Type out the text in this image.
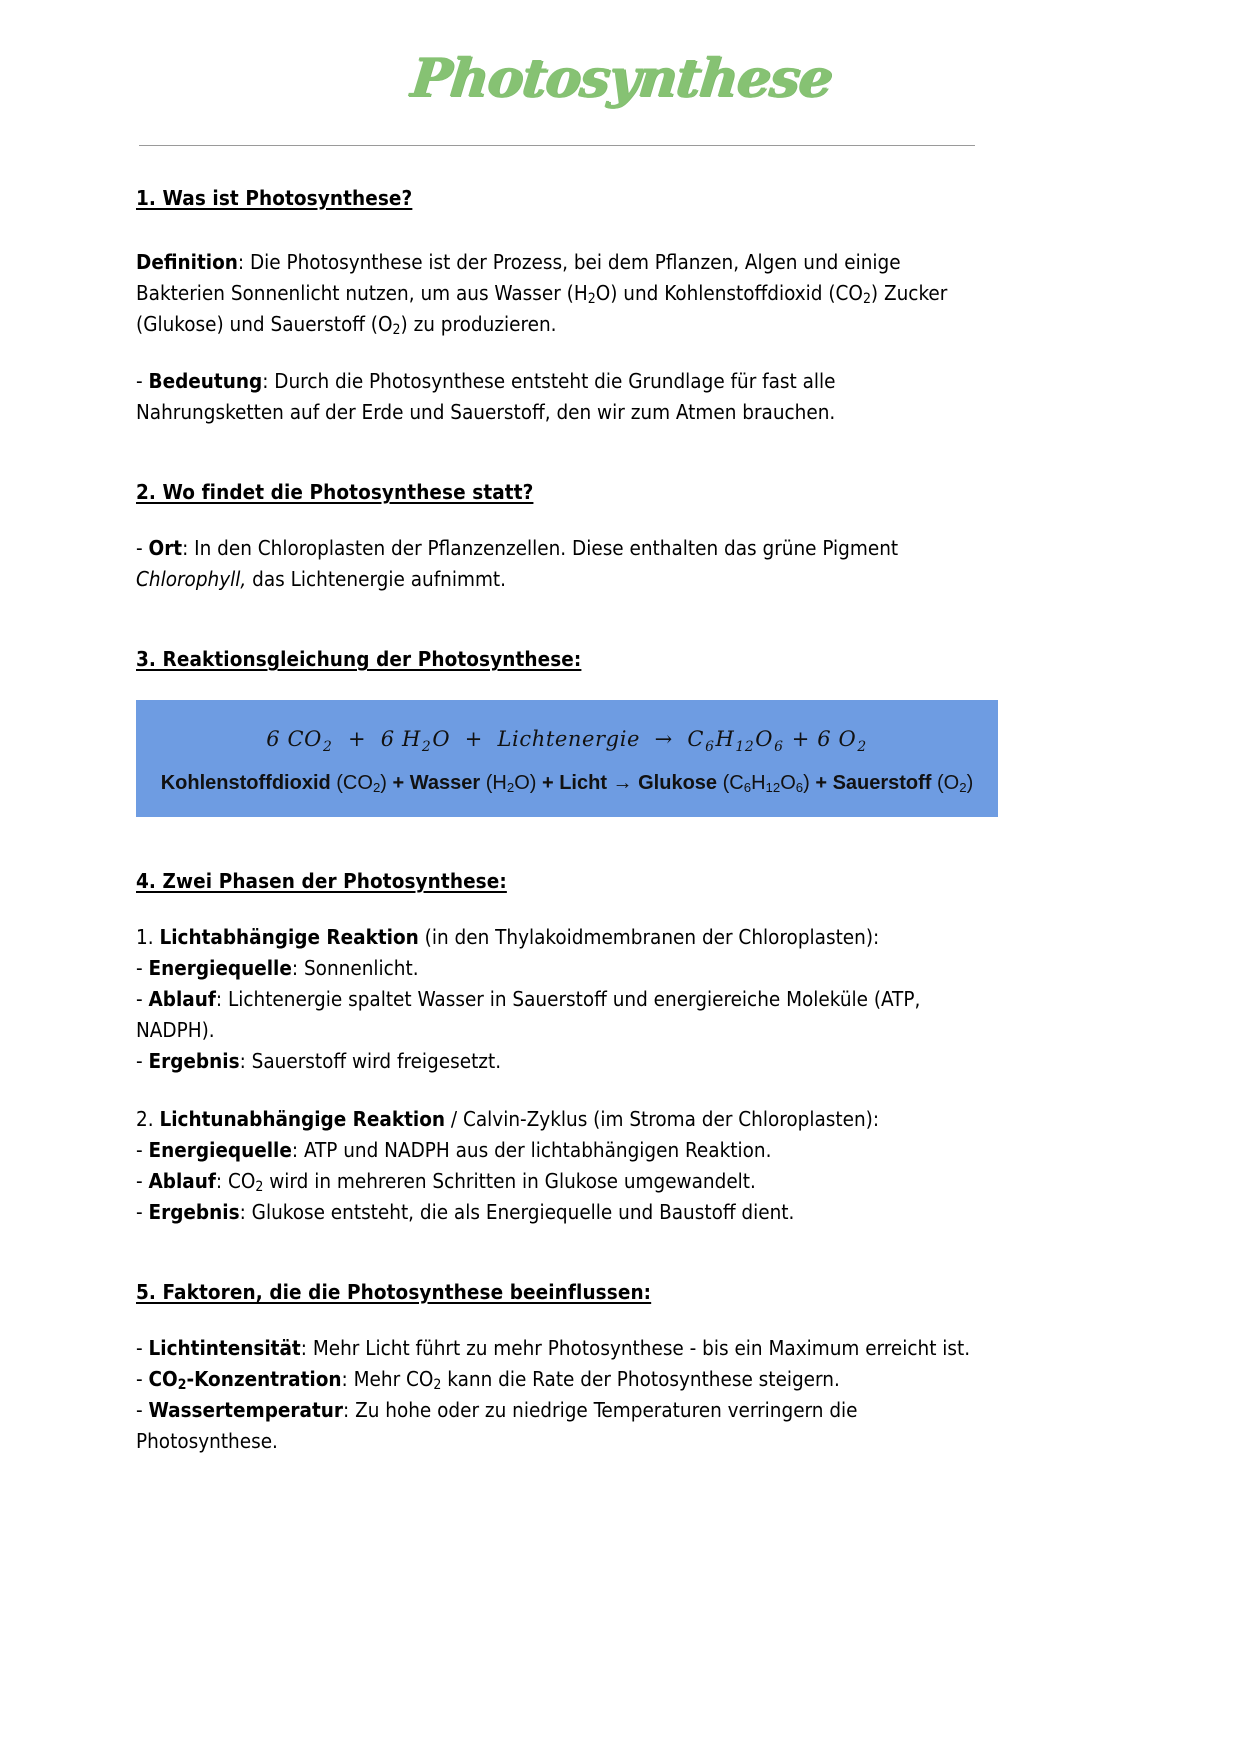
Photosynthese
1. Was ist Photosynthese?

Definition: Die Photosynthese ist der Prozess, bei dem Pflanzen, Algen und einige Bakterien Sonnenlicht nutzen, um aus Wasser $(H_2O)$ und Kohlenstoffdioxid $(CO_2)$ Zucker (Glukose) und Sauerstoff $(O_2)$ zu produzieren.

- Bedeutung: Durch die Photosynthese entsteht die Grundlage für fast alle Nahrungsketten auf der Erde und Sauerstoff, den wir zum Atmen brauchen.

2. Wo findet die Photosynthese statt?

- Ort: In den Chloroplasten der Pflanzenzellen. Diese enthalten das grüne Pigment Chlorophyll, das Lichtenergie aufnimmt.

3. Reaktionsgleichung der Photosynthese:
6 $CO_2 + 6$ $H_2O$ + Lichtenergie → $C_6H_{12}O_6 + 6$ $O_2$
Kohlenstoffdioxid $(CO_2)$ + Wasser $(H_2O)$ + Licht → Glukose $(C_6H_{12}O_6)$ + Sauerstoff $(O_2)$
4. Zwei Phasen der Photosynthese:

1. Lichtabhängige Reaktion (in den Thylakoidmembranen der Chloroplasten):

- Energiequelle: Sonnenlicht.

- Ablauf: Lichtenergie spaltet Wasser in Sauerstoff und energiereiche Moleküle (ATP, NADPH).

- Ergebnis: Sauerstoff wird freigesetzt.

2. Lichtunabhängige Reaktion / Calvin-Zyklus (im Stroma der Chloroplasten):

- Energiequelle: ATP und NADPH aus der lichtabhängigen Reaktion.

- Ablauf: $CO_2$ wird in mehreren Schritten in Glukose umgewandelt.

- Ergebnis: Glukose entsteht, die als Energiequelle und Baustoff dient.

5. Faktoren, die die Photosynthese beeinflussen:

- Lichtintensität: Mehr Licht führt zu mehr Photosynthese - bis ein Maximum erreicht ist.

- $CO_2$-Konzentration: Mehr $CO_2$ kann die Rate der Photosynthese steigern.

- Wassertemperatur: Zu hohe oder zu niedrige Temperaturen verringern die Photosynthese.
